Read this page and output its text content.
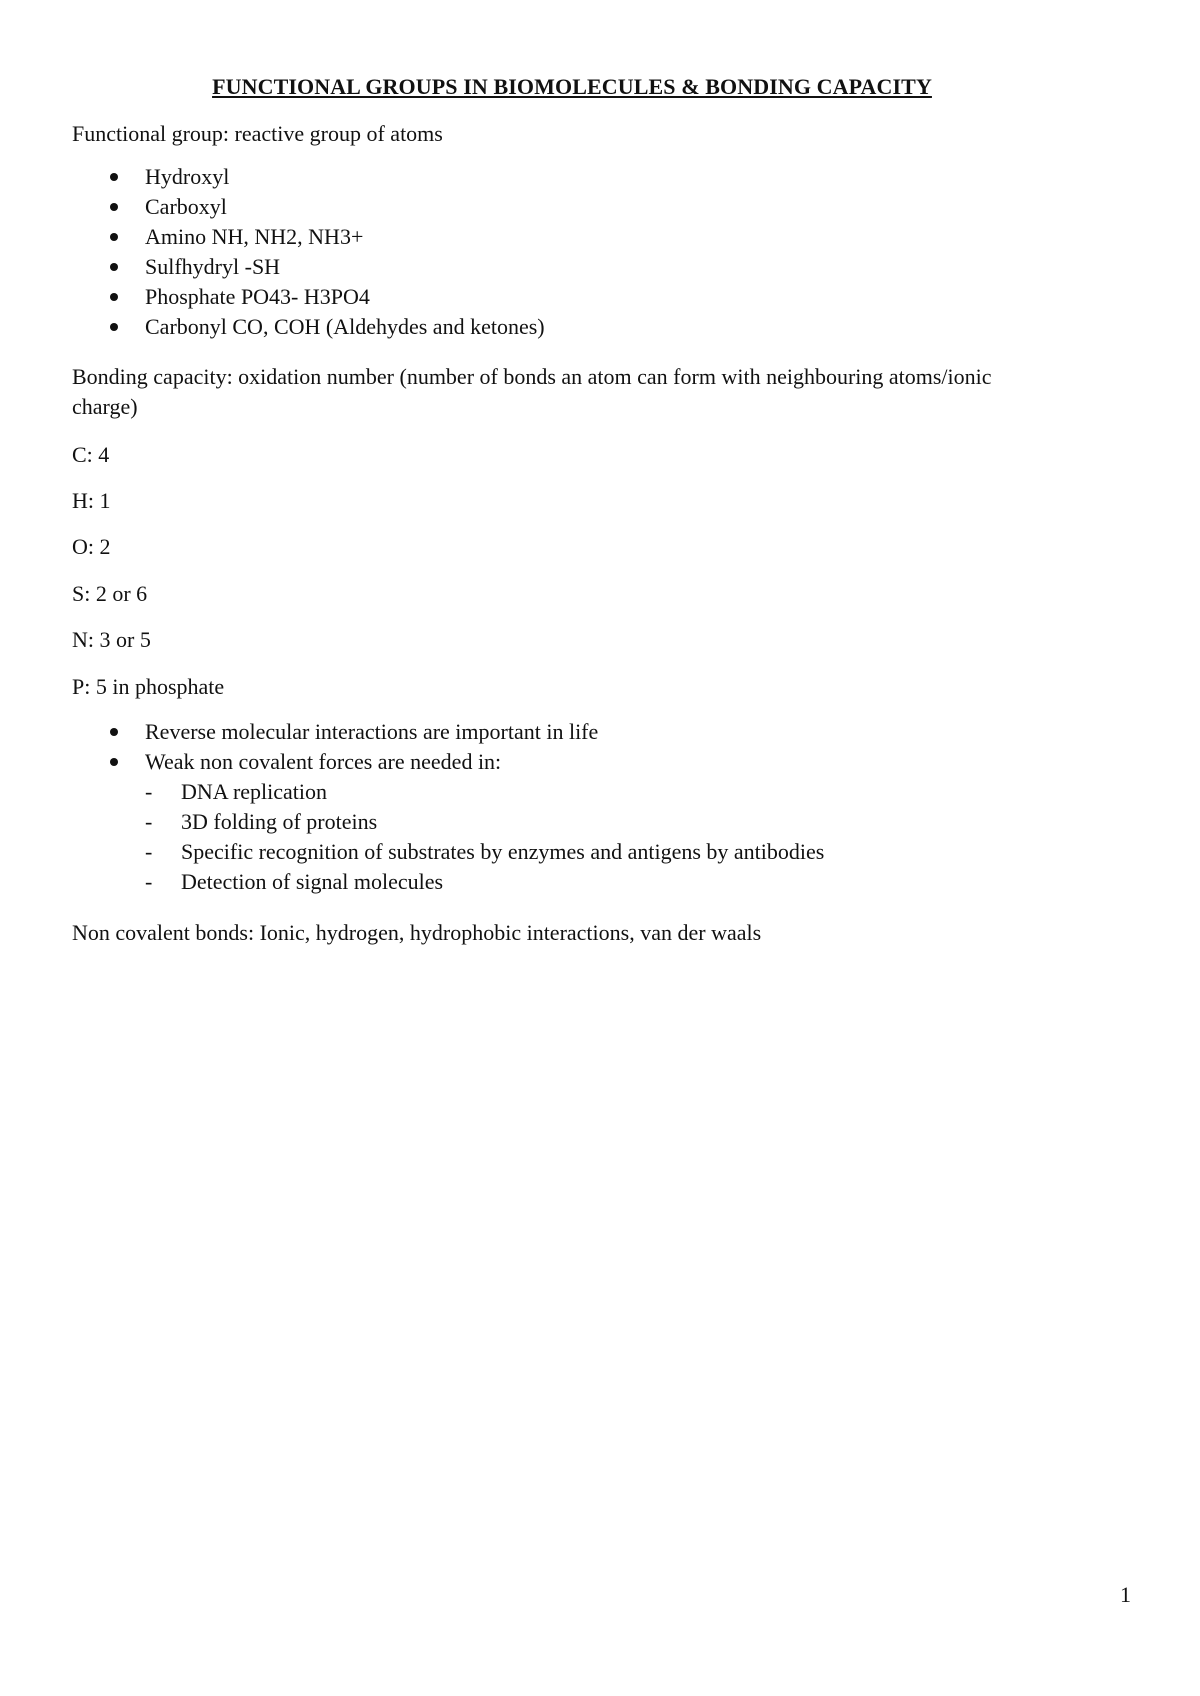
FUNCTIONAL GROUPS IN BIOMOLECULES & BONDING CAPACITY

Functional group: reactive group of atoms

Hydroxyl
Carboxyl
Amino NH, NH2, NH3+
Sulfhydryl -SH
Phosphate PO43- H3PO4
Carbonyl CO, COH (Aldehydes and ketones)

Bonding capacity: oxidation number (number of bonds an atom can form with neighbouring atoms/ionic
charge)

C: 4

H: 1

O: 2

S: 2 or 6

N: 3 or 5

P: 5 in phosphate

Reverse molecular interactions are important in life
Weak non covalent forces are needed in:
- DNA replication
- 3D folding of proteins
- Specific recognition of substrates by enzymes and antigens by antibodies
- Detection of signal molecules

Non covalent bonds: Ionic, hydrogen, hydrophobic interactions, van der waals

1
